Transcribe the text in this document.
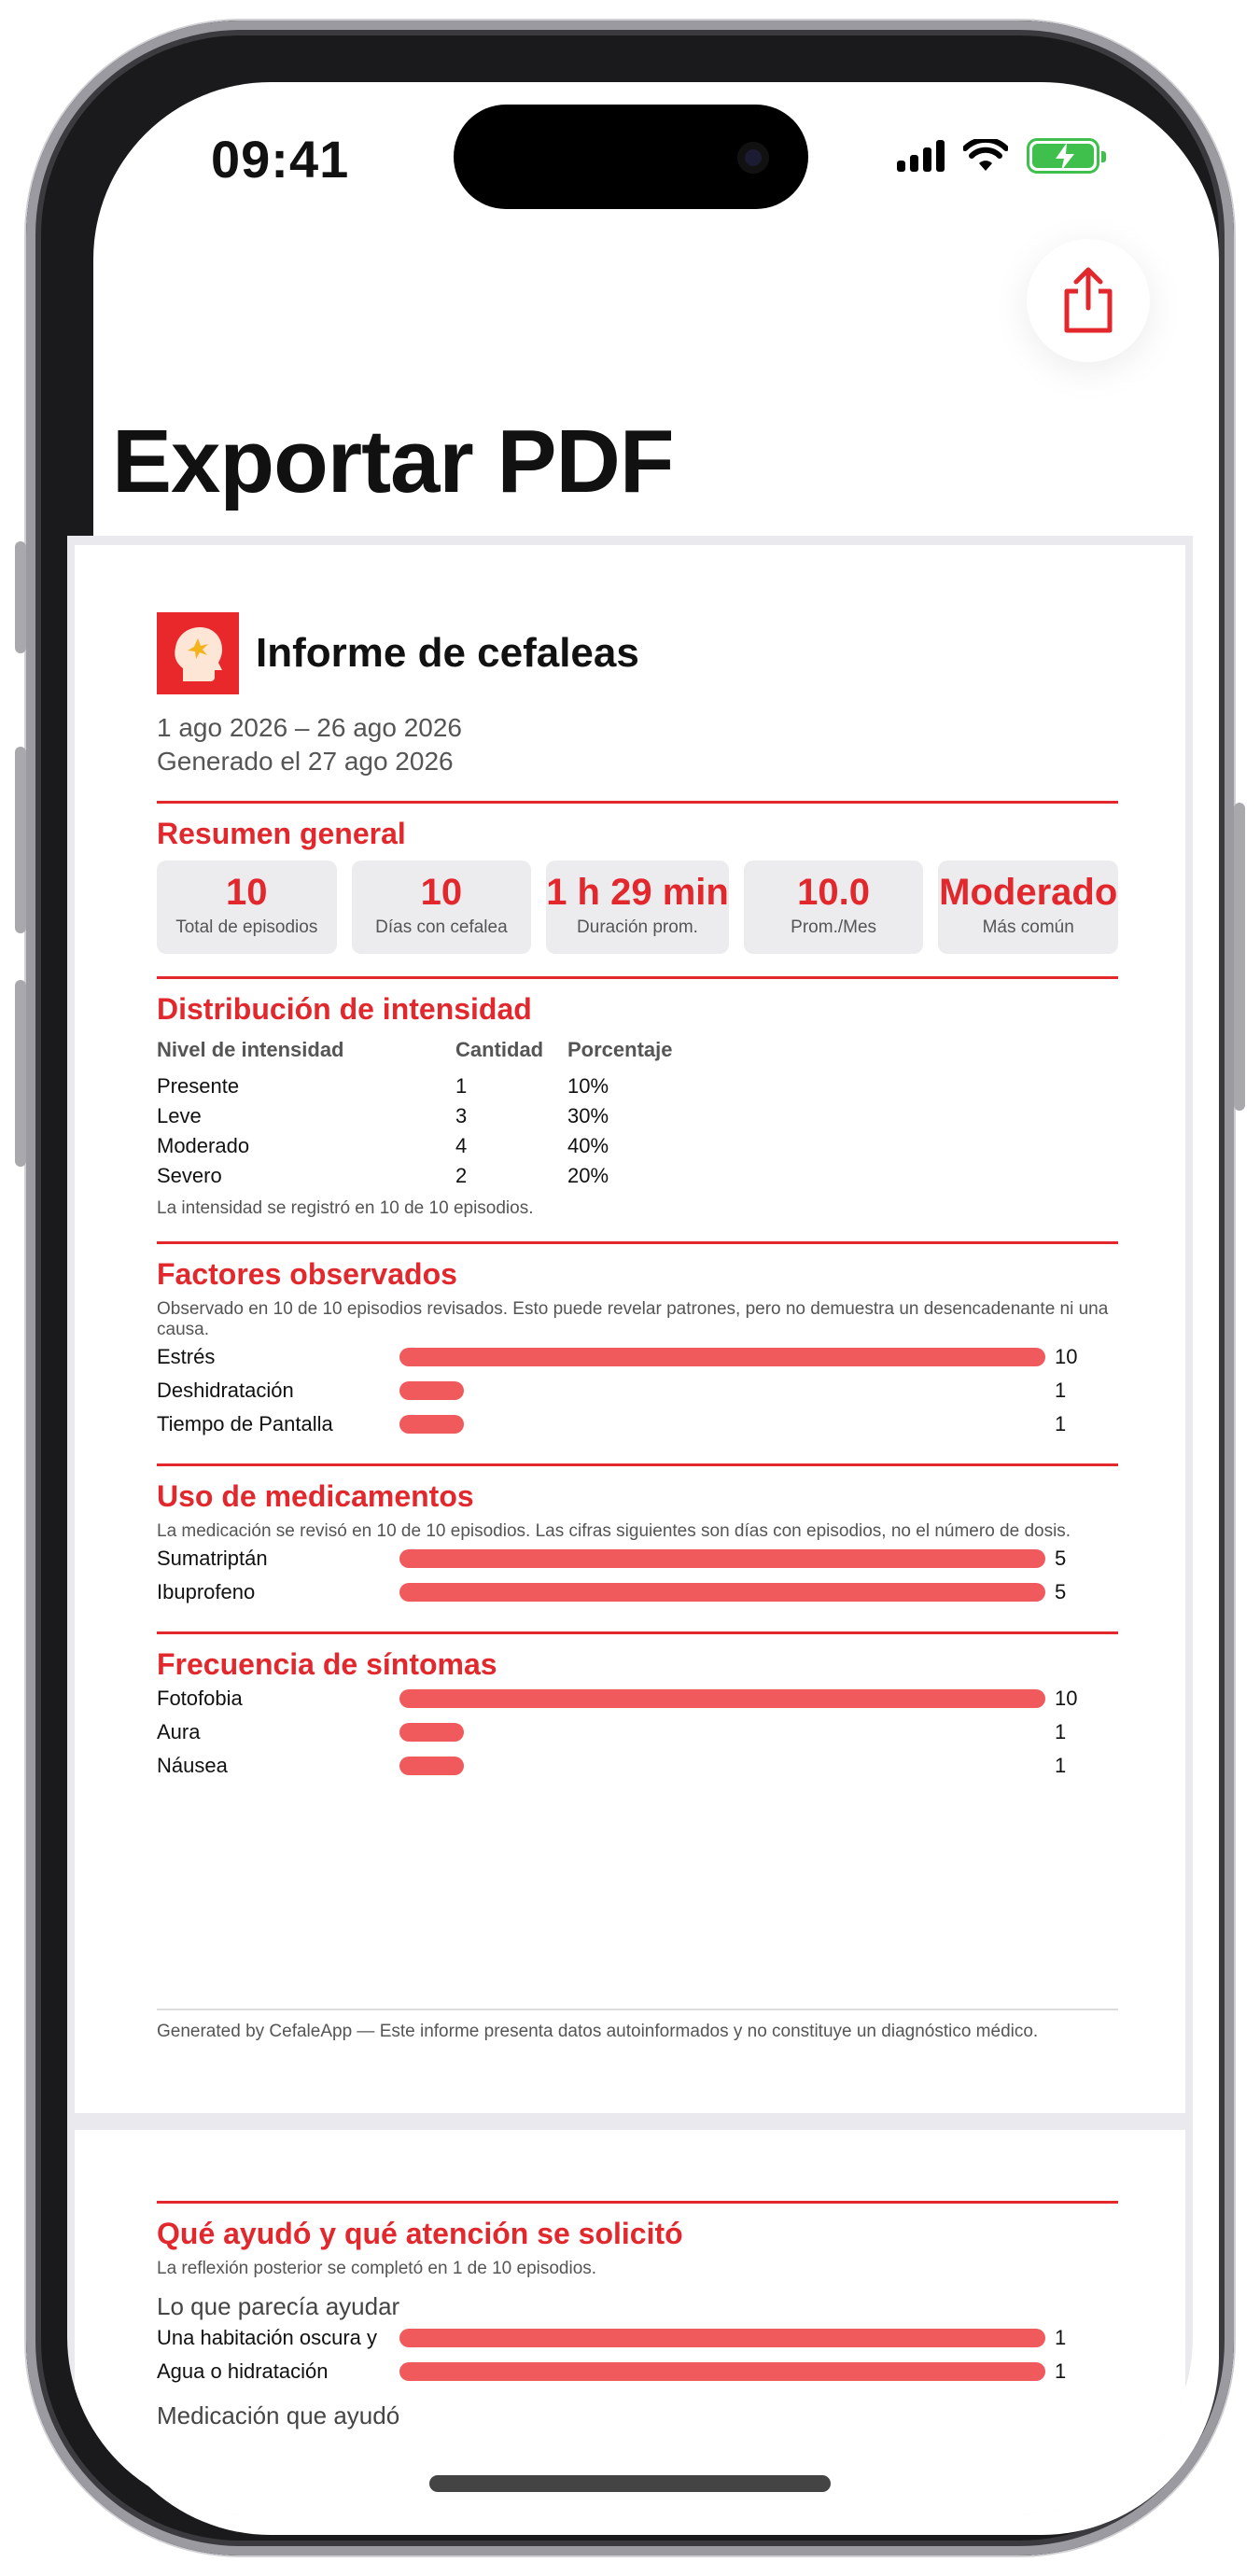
09:41
Exportar PDF
Informe de cefaleas
1 ago 2026 – 26 ago 2026
Generado el 27 ago 2026
Resumen general
10
Total de episodios
10
Días con cefalea
1 h 29 min
Duración prom.
10.0
Prom./Mes
Moderado
Más común
Distribución de intensidad
Nivel de intensidad	Cantidad	Porcentaje
Presente	1	10%
Leve	3	30%
Moderado	4	40%
Severo	2	20%
La intensidad se registró en 10 de 10 episodios.
Factores observados
Observado en 10 de 10 episodios revisados. Esto puede revelar patrones, pero no demuestra un desencadenante ni una causa.
Estrés	10
Deshidratación	1
Tiempo de Pantalla	1
Uso de medicamentos
La medicación se revisó en 10 de 10 episodios. Las cifras siguientes son días con episodios, no el número de dosis.
Sumatriptán	5
Ibuprofeno	5
Frecuencia de síntomas
Fotofobia	10
Aura	1
Náusea	1
Generated by CefaleApp — Este informe presenta datos autoinformados y no constituye un diagnóstico médico.
Qué ayudó y qué atención se solicitó
La reflexión posterior se completó en 1 de 10 episodios.
Lo que parecía ayudar
Una habitación oscura y	1
Agua o hidratación	1
Medicación que ayudó
